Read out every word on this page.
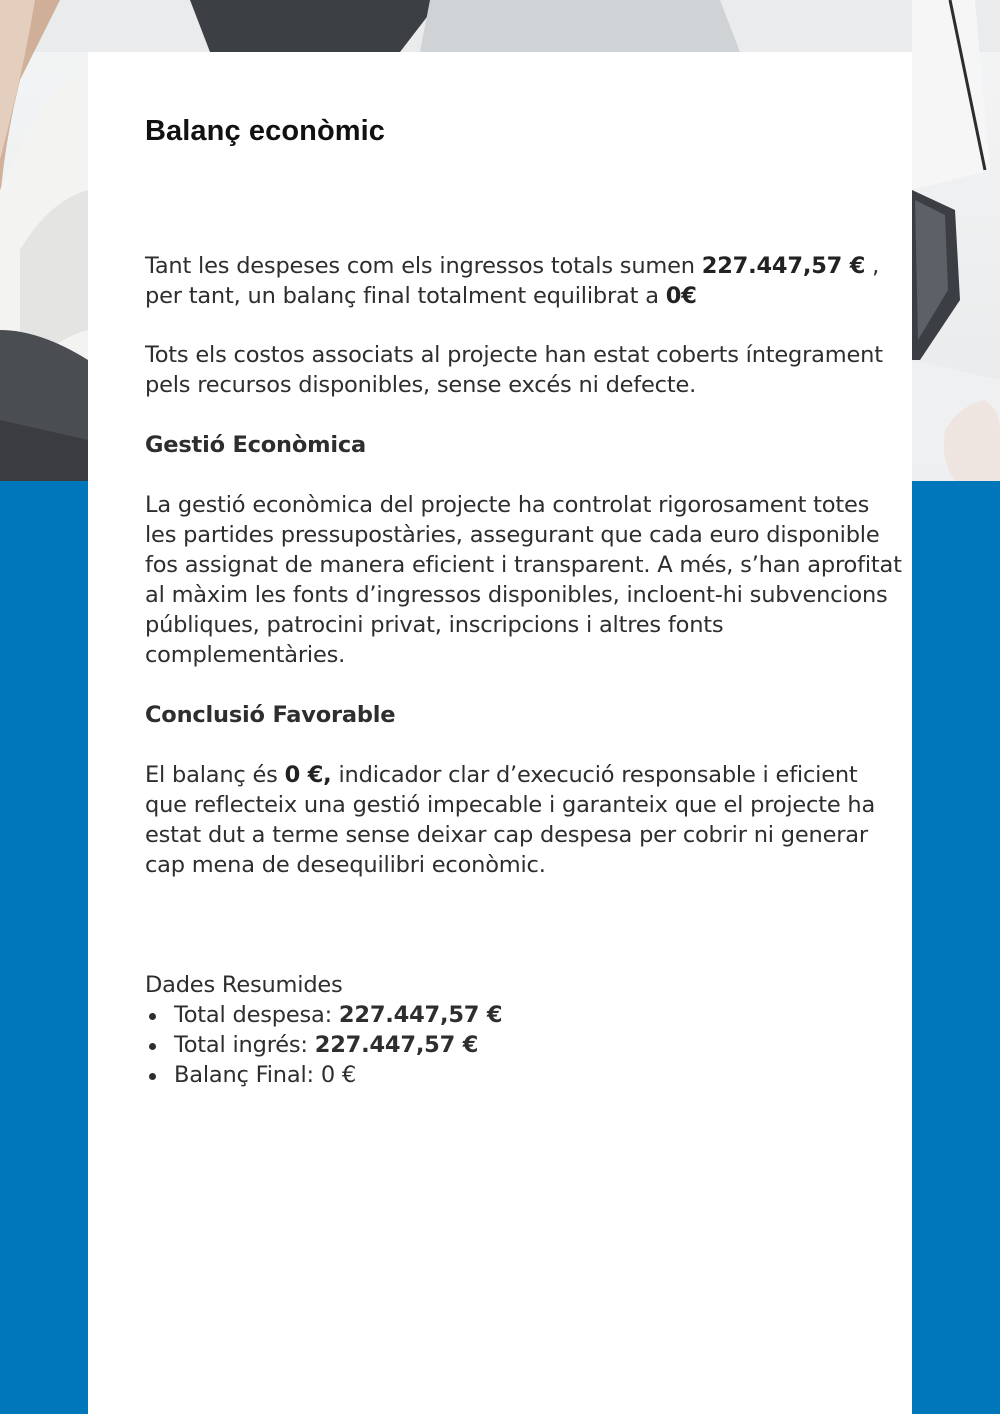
Balanç econòmic

Tant les despeses com els ingressos totals sumen 227.447,57 € , per tant, un balanç final totalment equilibrat a 0€

Tots els costos associats al projecte han estat coberts íntegrament pels recursos disponibles, sense excés ni defecte.

Gestió Econòmica

La gestió econòmica del projecte ha controlat rigorosament totes les partides pressupostàries, assegurant que cada euro disponible fos assignat de manera eficient i transparent. A més, s’han aprofitat al màxim les fonts d’ingressos disponibles, incloent-hi subvencions públiques, patrocini privat, inscripcions i altres fonts complementàries.

Conclusió Favorable

El balanç és 0 €, indicador clar d’execució responsable i eficient que reflecteix una gestió impecable i garanteix que el projecte ha estat dut a terme sense deixar cap despesa per cobrir ni generar cap mena de desequilibri econòmic.

Dades Resumides

Total despesa: 227.447,57 €
Total ingrés: 227.447,57 €
Balanç Final: 0 €
